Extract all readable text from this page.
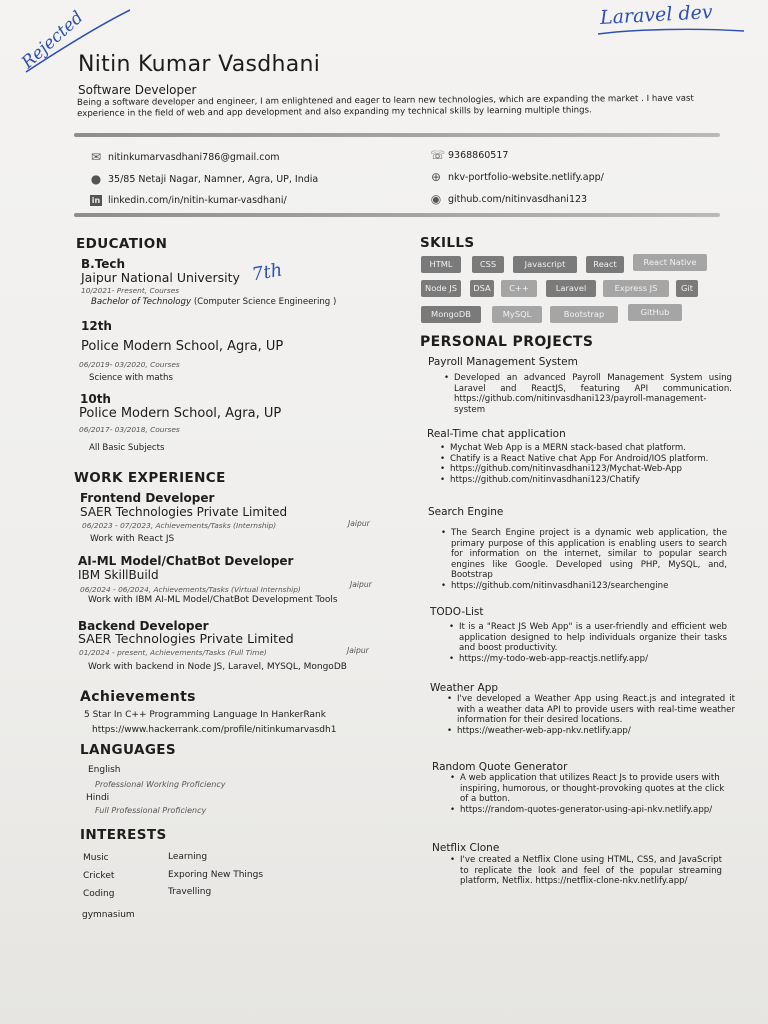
Rejected	Laravel dev
Nitin Kumar Vasdhani
Software Developer
Being a software developer and engineer, I am enlightened and eager to learn new technologies, which are expanding the market . I have vast experience in the field of web and app development and also expanding my technical skills by learning multiple things.
✉ nitinkumarvasdhani786@gmail.com
● 35/85 Netaji Nagar, Namner, Agra, UP, India
in linkedin.com/in/nitin-kumar-vasdhani/
☏ 9368860517
⊕ nkv-portfolio-website.netlify.app/
◉ github.com/nitinvasdhani123
EDUCATION
B.Tech
Jaipur National University 7th
10/2021- Present, Courses
Bachelor of Technology (Computer Science Engineering )
12th
Police Modern School, Agra, UP
06/2019- 03/2020, Courses
Science with maths
10th
Police Modern School, Agra, UP
06/2017- 03/2018, Courses
All Basic Subjects
WORK EXPERIENCE
Frontend Developer
SAER Technologies Private Limited
06/2023 - 07/2023, Achievements/Tasks (Internship)	Jaipur
Work with React JS
AI-ML Model/ChatBot Developer
IBM SkillBuild
06/2024 - 06/2024, Achievements/Tasks (Virtual Internship)
Jaipur
Work with IBM AI-ML Model/ChatBot Development Tools
Backend Developer
SAER Technologies Private Limited
01/2024 - present, Achievements/Tasks (Full Time)	Jaipur
Work with backend in Node JS, Laravel, MYSQL, MongoDB
Achievements
5 Star In C++ Programming Language In HankerRank
https://www.hackerrank.com/profile/nitinkumarvasdh1
LANGUAGES
English
Professional Working Proficiency
Hindi
Full Professional Proficiency
INTERESTS
Music
Cricket
Coding
gymnasium
Learning
Exporing New Things
Travelling
SKILLS
HTML	CSS	Javascript	React	React Native
Node JS	DSA	C++	Laravel	Express JS	Git
MongoDB	MySQL	Bootstrap	GitHub
PERSONAL PROJECTS
Payroll Management System
• Developed an advanced Payroll Management System using Laravel and ReactJS, featuring API communication. https://github.com/nitinvasdhani123/payroll-management- system
Real-Time chat application
• Mychat Web App is a MERN stack-based chat platform.
• Chatify is a React Native chat App For Android/IOS platform.
• https://github.com/nitinvasdhani123/Mychat-Web-App
• https://github.com/nitinvasdhani123/Chatify
Search Engine
• The Search Engine project is a dynamic web application, the primary purpose of this application is enabling users to search for information on the internet, similar to popular search engines like Google. Developed using PHP, MySQL, and, Bootstrap
• https://github.com/nitinvasdhani123/searchengine
TODO-List
• It is a "React JS Web App" is a user-friendly and efficient web application designed to help individuals organize their tasks and boost productivity.
• https://my-todo-web-app-reactjs.netlify.app/
Weather App
• I've developed a Weather App using React.js and integrated it with a weather data API to provide users with real-time weather information for their desired locations.
• https://weather-web-app-nkv.netlify.app/
Random Quote Generator
• A web application that utilizes React Js to provide users with inspiring, humorous, or thought-provoking quotes at the click of a button.
• https://random-quotes-generator-using-api-nkv.netlify.app/
Netflix Clone
• I've created a Netflix Clone using HTML, CSS, and JavaScript to replicate the look and feel of the popular streaming platform, Netflix. https://netflix-clone-nkv.netlify.app/
